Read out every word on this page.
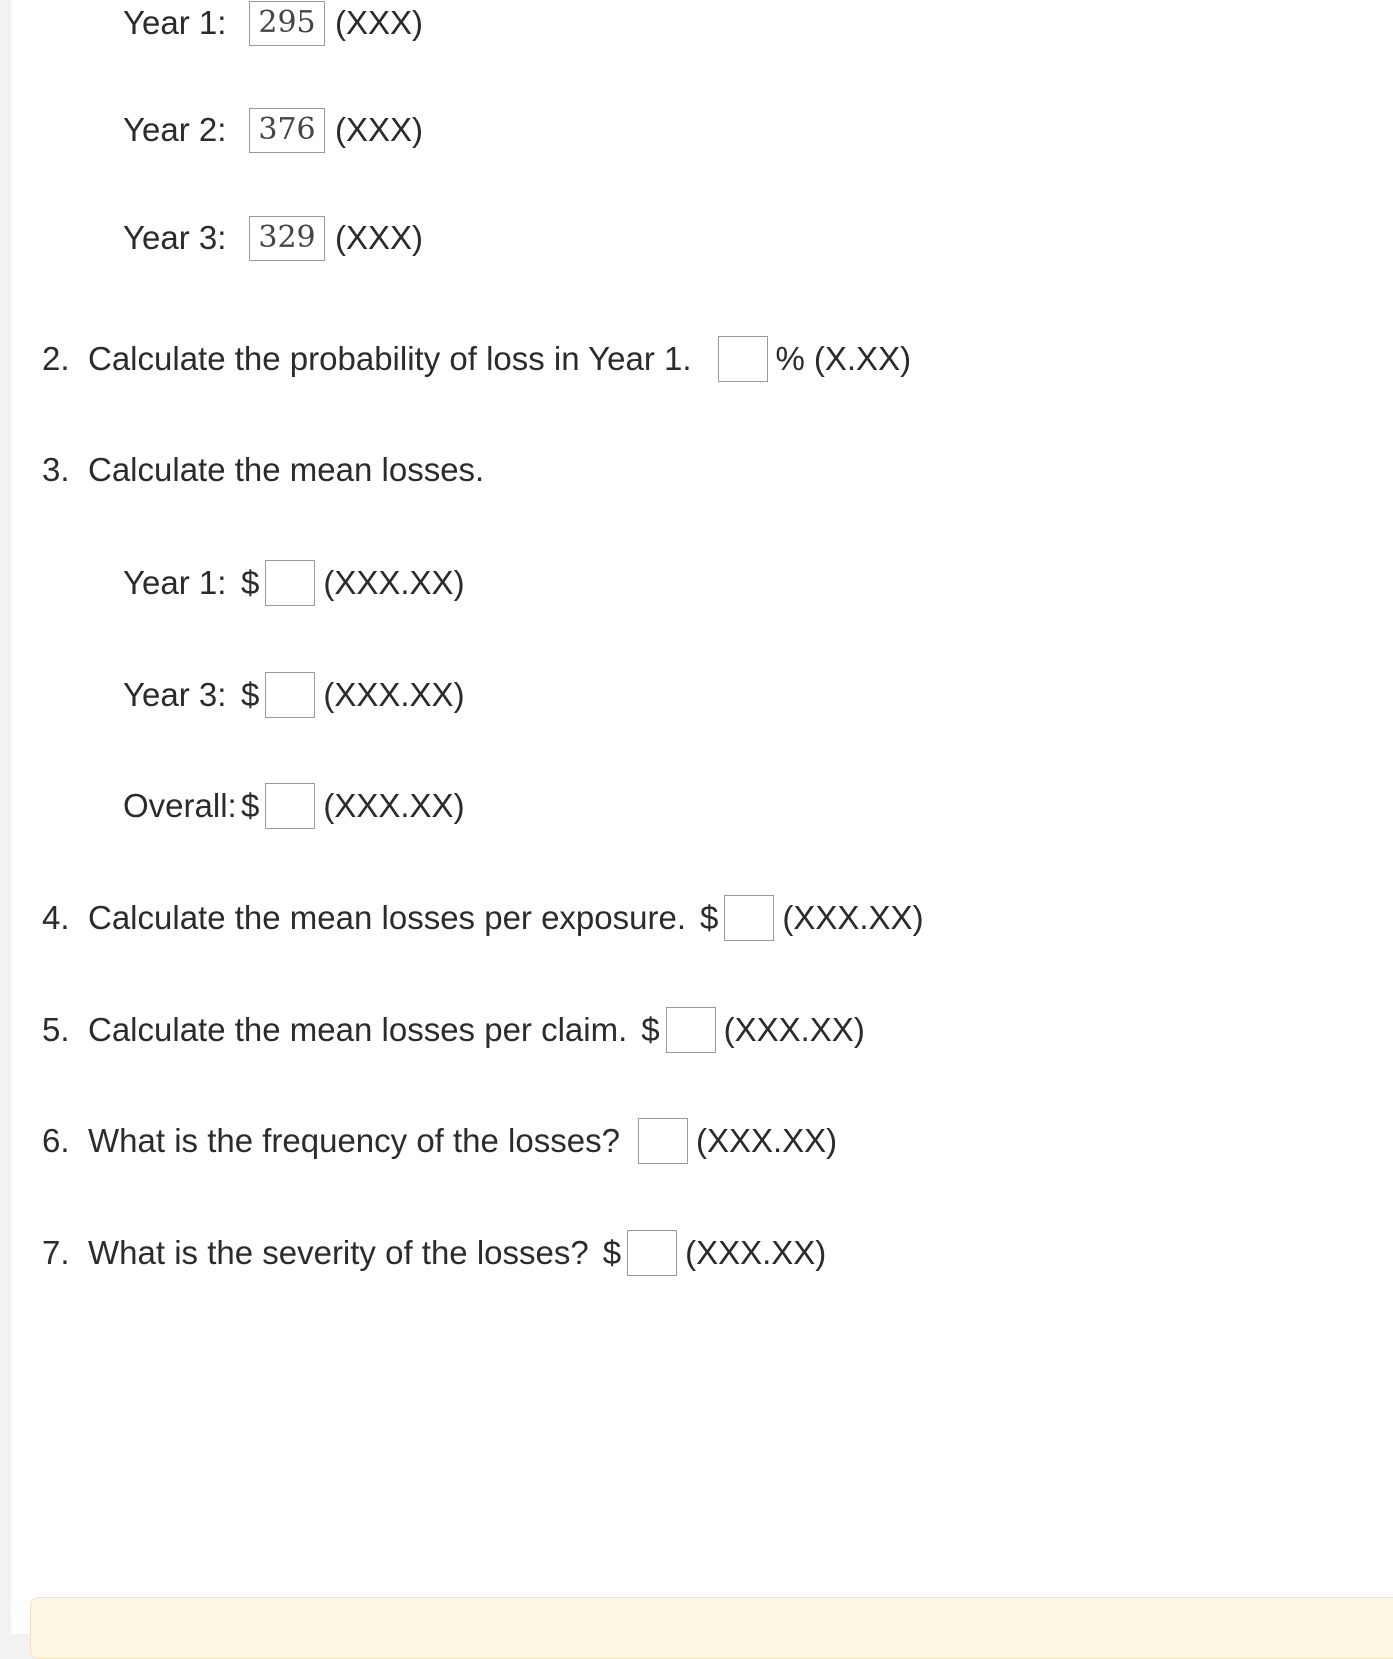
Year 1:	295 (XXX)
Year 2:	376 (XXX)
Year 3:	329 (XXX)
2. Calculate the probability of loss in Year 1.	% (X.XX)
3. Calculate the mean losses.
Year 1: $ (XXX.XX)
Year 3: $ (XXX.XX)
Overall: $ (XXX.XX)
4. Calculate the mean losses per exposure. $ (XXX.XX)
5. Calculate the mean losses per claim. $ (XXX.XX)
6. What is the frequency of the losses? (XXX.XX)
7. What is the severity of the losses? $ (XXX.XX)
